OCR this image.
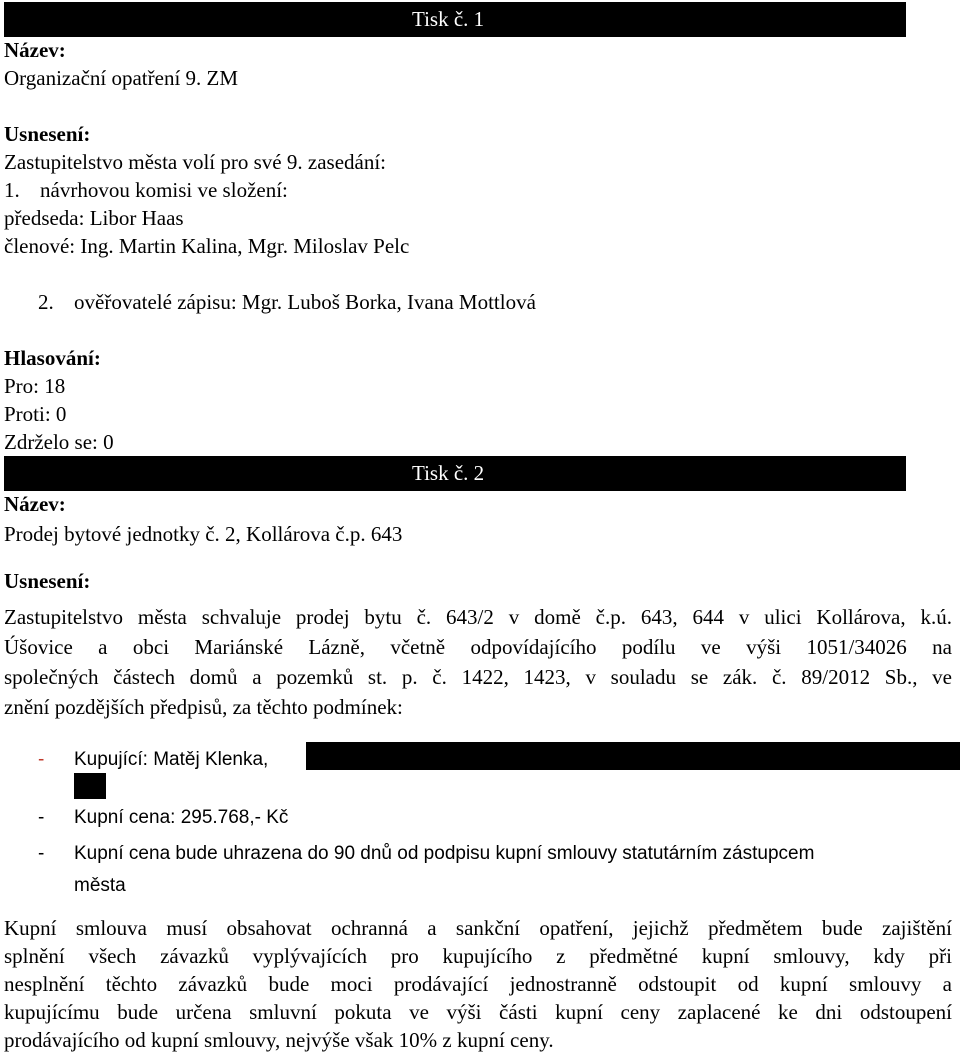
Tisk č. 1
Název:
Organizační opatření 9. ZM
Usnesení:
Zastupitelstvo města volí pro své 9. zasedání:
1. návrhovou komisi ve složení:
předseda: Libor Haas
členové: Ing. Martin Kalina, Mgr. Miloslav Pelc
2. ověřovatelé zápisu: Mgr. Luboš Borka, Ivana Mottlová
Hlasování:
Pro: 18
Proti: 0
Zdrželo se: 0
Tisk č. 2
Název:
Prodej bytové jednotky č. 2, Kollárova č.p. 643
Usnesení:
Zastupitelstvo města schvaluje prodej bytu č. 643/2 v domě č.p. 643, 644 v ulici Kollárova, k.ú.
Úšovice a obci Mariánské Lázně, včetně odpovídajícího podílu ve výši 1051/34026 na
společných částech domů a pozemků st. p. č. 1422, 1423, v souladu se zák. č. 89/2012 Sb., ve
znění pozdějších předpisů, za těchto podmínek:
- Kupující: Matěj Klenka,
- Kupní cena: 295.768,- Kč
- Kupní cena bude uhrazena do 90 dnů od podpisu kupní smlouvy statutárním zástupcem
města
Kupní smlouva musí obsahovat ochranná a sankční opatření, jejichž předmětem bude zajištění
splnění všech závazků vyplývajících pro kupujícího z předmětné kupní smlouvy, kdy při
nesplnění těchto závazků bude moci prodávající jednostranně odstoupit od kupní smlouvy a
kupujícímu bude určena smluvní pokuta ve výši části kupní ceny zaplacené ke dni odstoupení
prodávajícího od kupní smlouvy, nejvýše však 10% z kupní ceny.
